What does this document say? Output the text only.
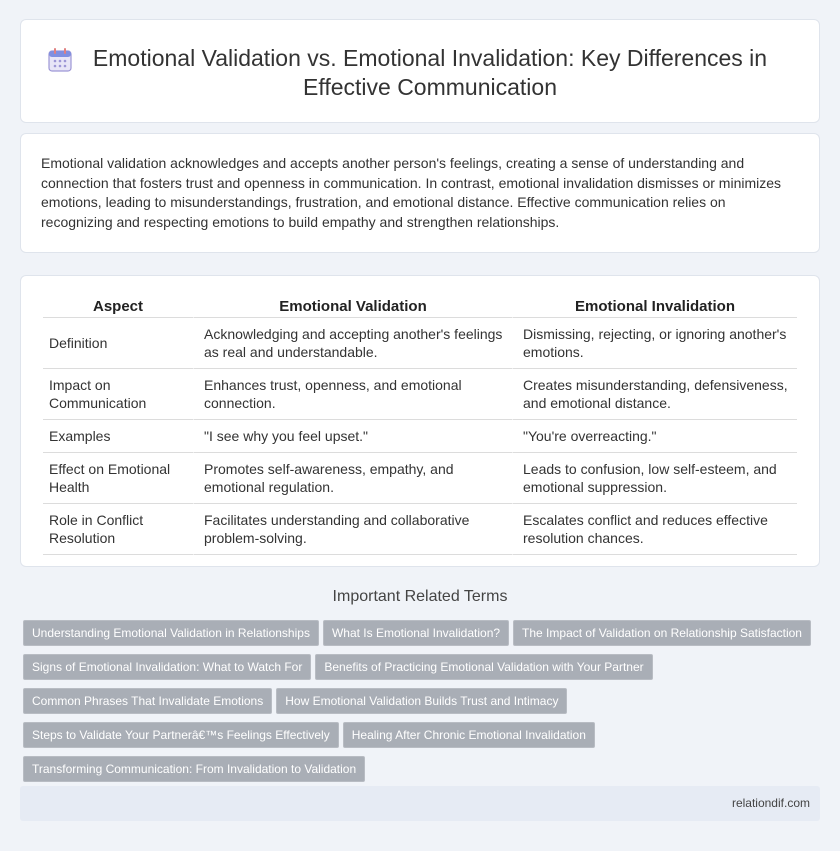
Emotional Validation vs. Emotional Invalidation: Key Differences in Effective Communication

Emotional validation acknowledges and accepts another person's feelings, creating a sense of understanding and connection that fosters trust and openness in communication. In contrast, emotional invalidation dismisses or minimizes emotions, leading to misunderstandings, frustration, and emotional distance. Effective communication relies on recognizing and respecting emotions to build empathy and strengthen relationships.

Aspect	Emotional Validation	Emotional Invalidation
Definition	Acknowledging and accepting another's feelings as real and understandable.	Dismissing, rejecting, or ignoring another's emotions.
Impact on Communication	Enhances trust, openness, and emotional connection.	Creates misunderstanding, defensiveness, and emotional distance.
Examples	"I see why you feel upset."	"You're overreacting."
Effect on Emotional Health	Promotes self-awareness, empathy, and emotional regulation.	Leads to confusion, low self-esteem, and emotional suppression.
Role in Conflict Resolution	Facilitates understanding and collaborative problem-solving.	Escalates conflict and reduces effective resolution chances.
Important Related Terms
Understanding Emotional Validation in Relationships What Is Emotional Invalidation? The Impact of Validation on Relationship Satisfaction
Signs of Emotional Invalidation: What to Watch For Benefits of Practicing Emotional Validation with Your Partner
Common Phrases That Invalidate Emotions How Emotional Validation Builds Trust and Intimacy
Steps to Validate Your Partnerâ€™s Feelings Effectively Healing After Chronic Emotional Invalidation
Transforming Communication: From Invalidation to Validation
relationdif.com
